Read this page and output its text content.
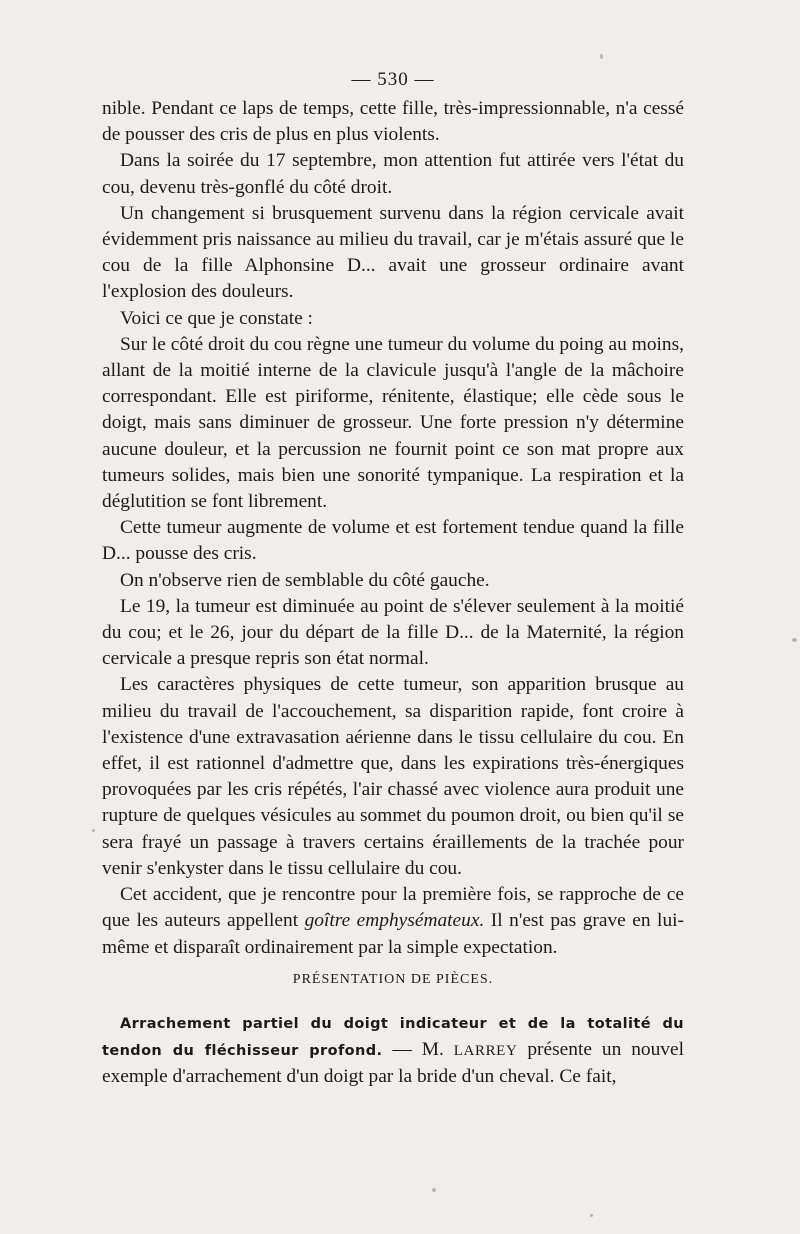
— 530 —

nible. Pendant ce laps de temps, cette fille, très-impressionnable, n'a cessé de pousser des cris de plus en plus violents.

Dans la soirée du 17 septembre, mon attention fut attirée vers l'état du cou, devenu très-gonflé du côté droit.

Un changement si brusquement survenu dans la région cervicale avait évidemment pris naissance au milieu du travail, car je m'étais assuré que le cou de la fille Alphonsine D... avait une grosseur ordinaire avant l'explosion des douleurs.

Voici ce que je constate :

Sur le côté droit du cou règne une tumeur du volume du poing au moins, allant de la moitié interne de la clavicule jusqu'à l'angle de la mâchoire correspondant. Elle est piriforme, rénitente, élastique; elle cède sous le doigt, mais sans diminuer de grosseur. Une forte pression n'y détermine aucune douleur, et la percussion ne fournit point ce son mat propre aux tumeurs solides, mais bien une sonorité tympanique. La respiration et la déglutition se font librement.

Cette tumeur augmente de volume et est fortement tendue quand la fille D... pousse des cris.

On n'observe rien de semblable du côté gauche.

Le 19, la tumeur est diminuée au point de s'élever seulement à la moitié du cou; et le 26, jour du départ de la fille D... de la Maternité, la région cervicale a presque repris son état normal.

Les caractères physiques de cette tumeur, son apparition brusque au milieu du travail de l'accouchement, sa disparition rapide, font croire à l'existence d'une extravasation aérienne dans le tissu cellulaire du cou. En effet, il est rationnel d'admettre que, dans les expirations très-énergiques provoquées par les cris répétés, l'air chassé avec violence aura produit une rupture de quelques vésicules au sommet du poumon droit, ou bien qu'il se sera frayé un passage à travers certains éraillements de la trachée pour venir s'enkyster dans le tissu cellulaire du cou.

Cet accident, que je rencontre pour la première fois, se rapproche de ce que les auteurs appellent goître emphysémateux. Il n'est pas grave en lui-même et disparaît ordinairement par la simple expectation.

PRÉSENTATION DE PIÈCES.

Arrachement partiel du doigt indicateur et de la totalité du tendon du fléchisseur profond. — M. LARREY présente un nouvel exemple d'arrachement d'un doigt par la bride d'un cheval. Ce fait,
